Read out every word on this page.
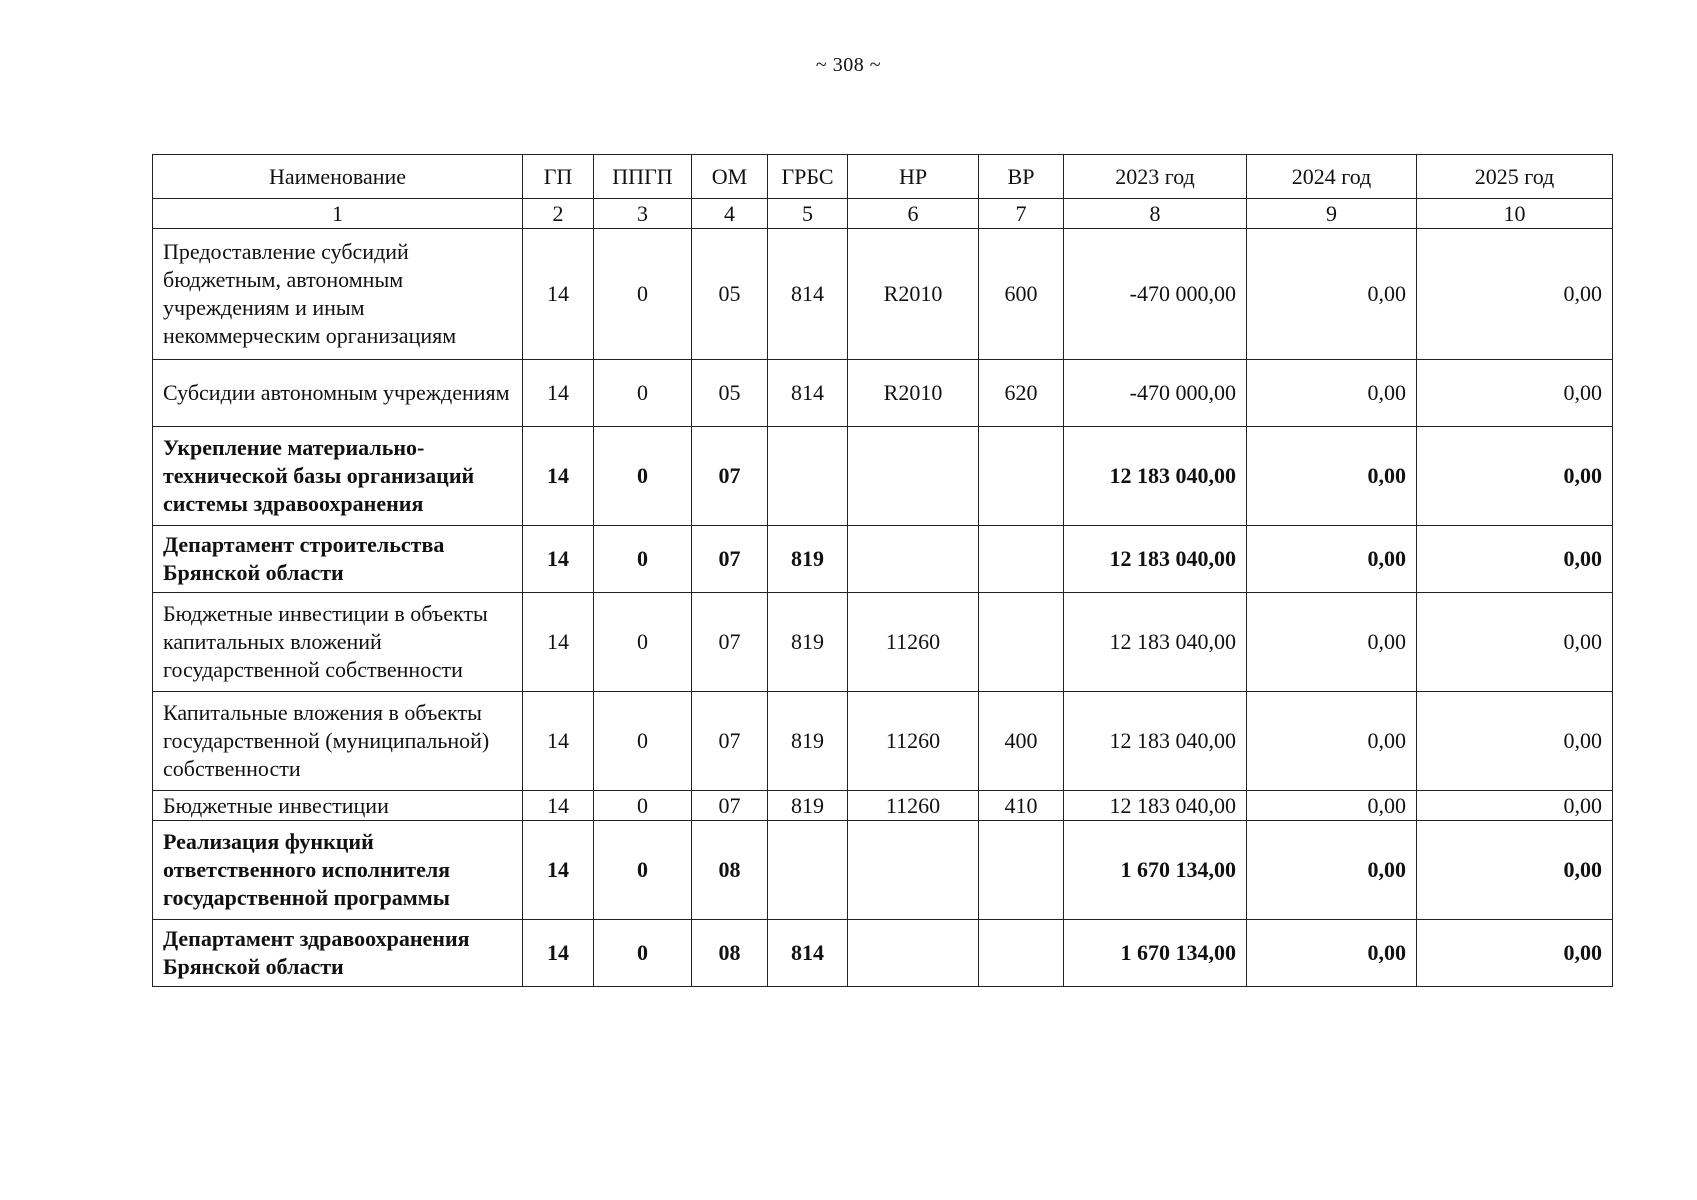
~ 308 ~
Наименование	ГП	ППГП	ОМ	ГРБС	НР	ВР	2023 год	2024 год	2025 год
1	2	3	4	5	6	7	8	9	10
Предоставление субсидий бюджетным, автономным учреждениям и иным некоммерческим организациям	14	0	05	814	R2010	600	-470 000,00	0,00	0,00
Субсидии автономным учреждениям	14	0	05	814	R2010	620	-470 000,00	0,00	0,00
Укрепление материально-технической базы организаций системы здравоохранения	14	0	07				12 183 040,00	0,00	0,00
Департамент строительства Брянской области	14	0	07	819			12 183 040,00	0,00	0,00
Бюджетные инвестиции в объекты капитальных вложений государственной собственности	14	0	07	819	11260		12 183 040,00	0,00	0,00
Капитальные вложения в объекты государственной (муниципальной) собственности	14	0	07	819	11260	400	12 183 040,00	0,00	0,00
Бюджетные инвестиции	14	0	07	819	11260	410	12 183 040,00	0,00	0,00
Реализация функций ответственного исполнителя государственной программы	14	0	08				1 670 134,00	0,00	0,00
Департамент здравоохранения Брянской области	14	0	08	814			1 670 134,00	0,00	0,00
